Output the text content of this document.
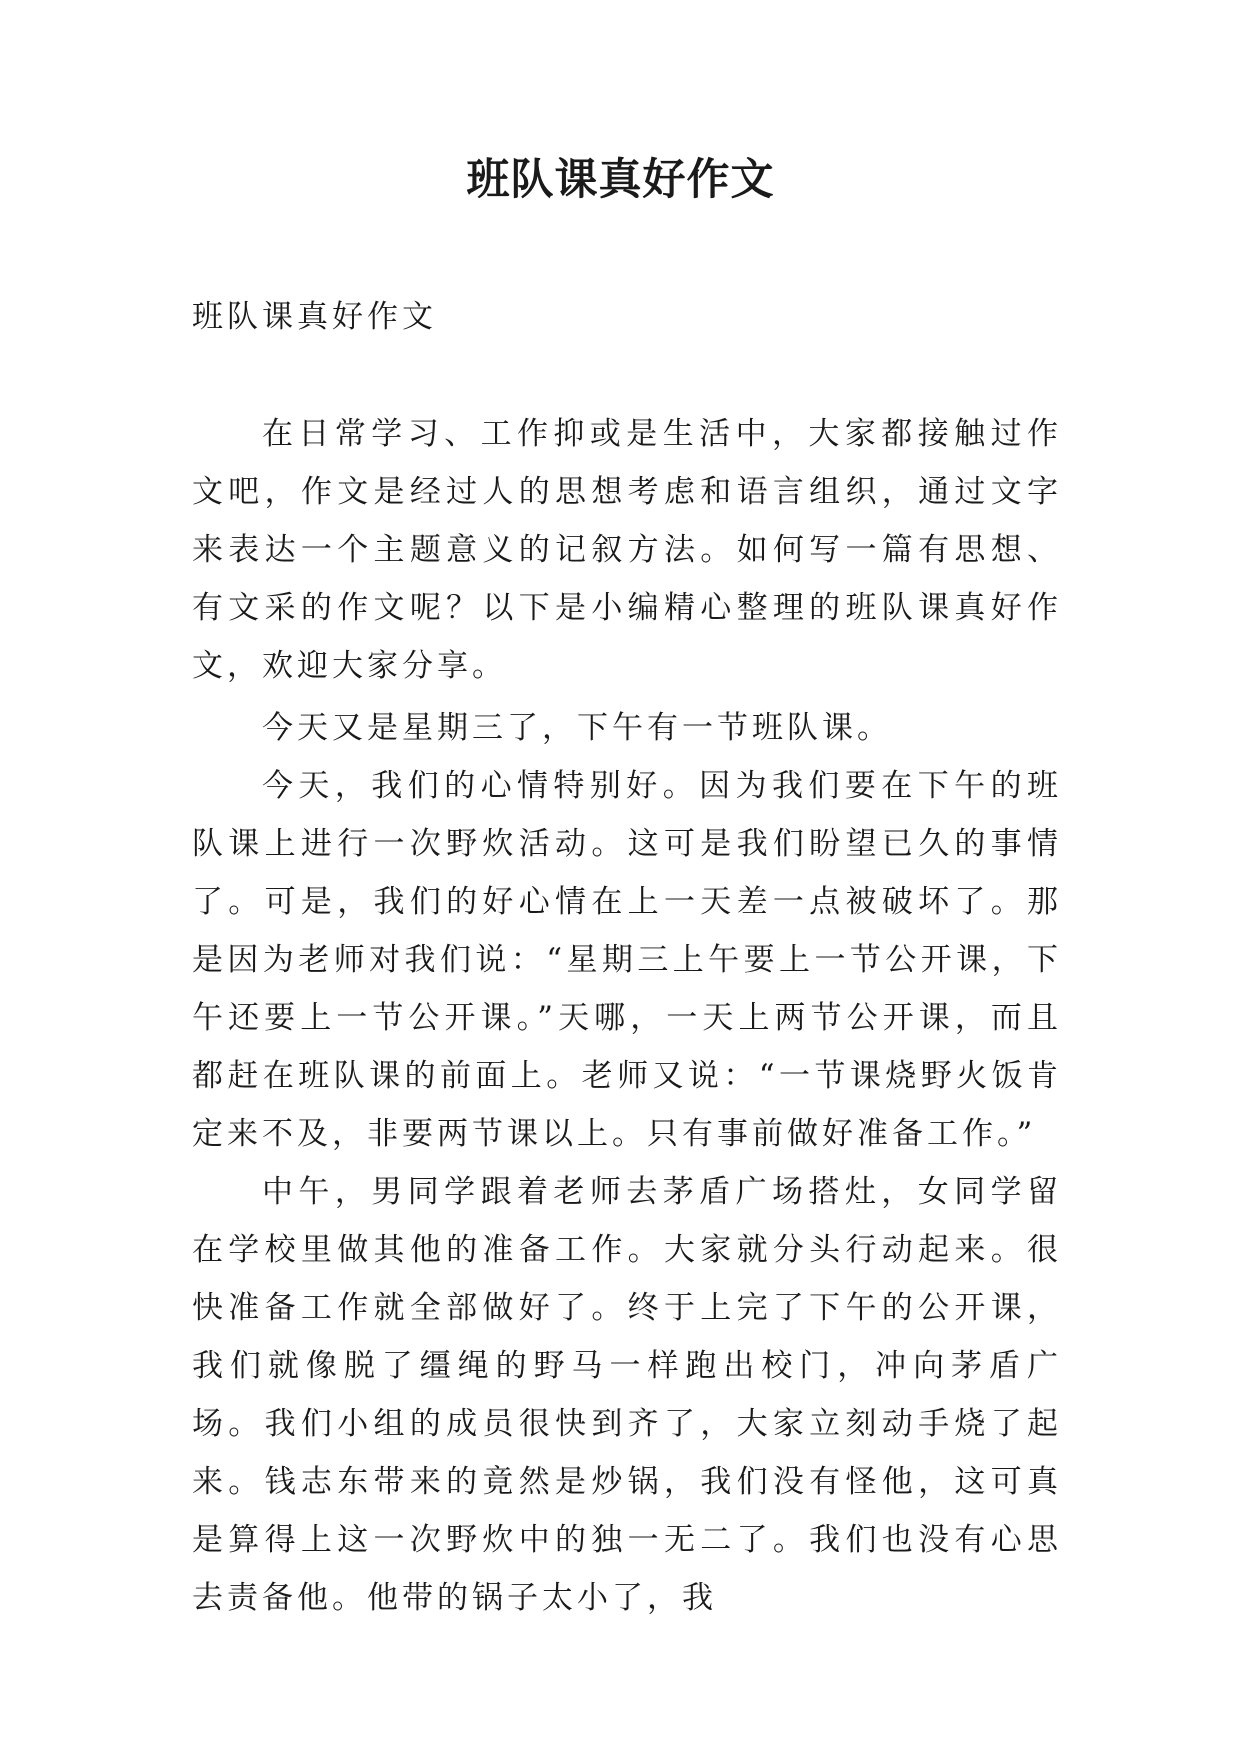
班队课真好作文

班队课真好作文

在日常学习、工作抑或是生活中，大家都接触过作文吧，作文是经过人的思想考虑和语言组织，通过文字来表达一个主题意义的记叙方法。如何写一篇有思想、有文采的作文呢？以下是小编精心整理的班队课真好作文，欢迎大家分享。

今天又是星期三了，下午有一节班队课。

今天，我们的心情特别好。因为我们要在下午的班队课上进行一次野炊活动。这可是我们盼望已久的事情了。可是，我们的好心情在上一天差一点被破坏了。那是因为老师对我们说：“星期三上午要上一节公开课，下午还要上一节公开课。”天哪，一天上两节公开课，而且都赶在班队课的前面上。老师又说：“一节课烧野火饭肯定来不及，非要两节课以上。只有事前做好准备工作。”

中午，男同学跟着老师去茅盾广场搭灶，女同学留在学校里做其他的准备工作。大家就分头行动起来。很快准备工作就全部做好了。终于上完了下午的公开课，我们就像脱了缰绳的野马一样跑出校门，冲向茅盾广场。我们小组的成员很快到齐了，大家立刻动手烧了起来。钱志东带来的竟然是炒锅，我们没有怪他，这可真是算得上这一次野炊中的独一无二了。我们也没有心思去责备他。他带的锅子太小了，我
